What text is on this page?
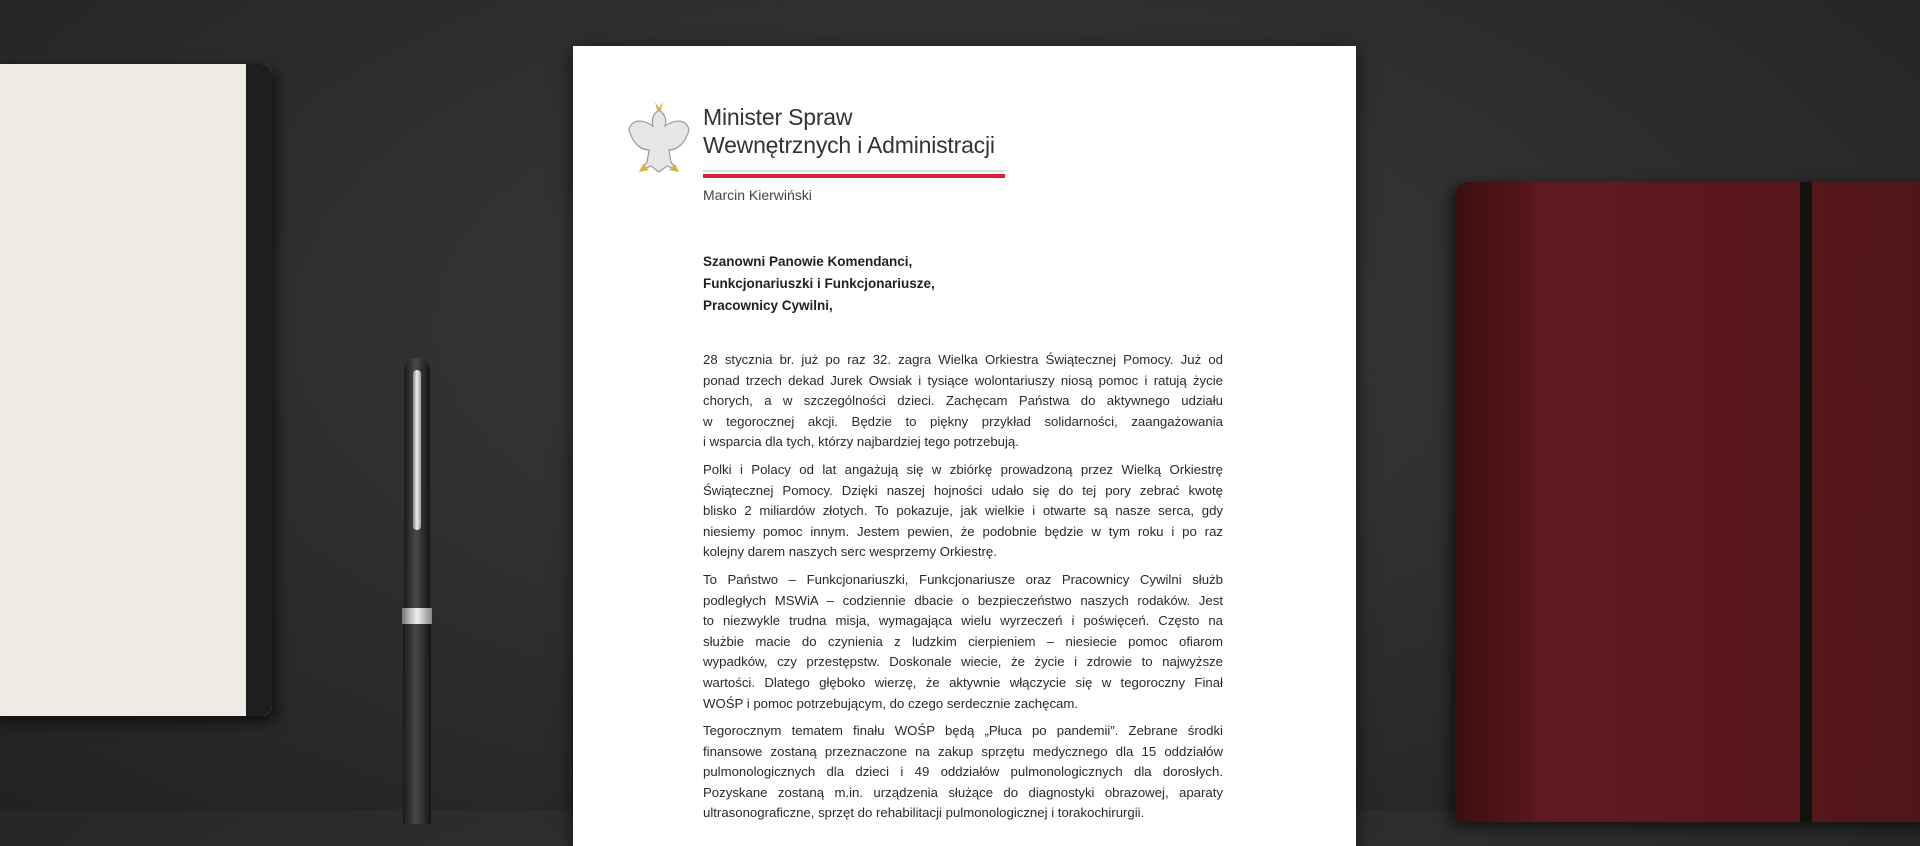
Minister Spraw
Wewnętrznych i Administracji
Marcin Kierwiński
Szanowni Panowie Komendanci,
Funkcjonariuszki i Funkcjonariusze,
Pracownicy Cywilni,

28 stycznia br. już po raz 32. zagra Wielka Orkiestra Świątecznej Pomocy. Już od
ponad trzech dekad Jurek Owsiak i tysiące wolontariuszy niosą pomoc i ratują życie
chorych, a w szczególności dzieci. Zachęcam Państwa do aktywnego udziału
w tegorocznej akcji. Będzie to piękny przykład solidarności, zaangażowania
i wsparcia dla tych, którzy najbardziej tego potrzebują.

Polki i Polacy od lat angażują się w zbiórkę prowadzoną przez Wielką Orkiestrę
Świątecznej Pomocy. Dzięki naszej hojności udało się do tej pory zebrać kwotę
blisko 2 miliardów złotych. To pokazuje, jak wielkie i otwarte są nasze serca, gdy
niesiemy pomoc innym. Jestem pewien, że podobnie będzie w tym roku i po raz
kolejny darem naszych serc wesprzemy Orkiestrę.

To Państwo – Funkcjonariuszki, Funkcjonariusze oraz Pracownicy Cywilni służb
podległych MSWiA – codziennie dbacie o bezpieczeństwo naszych rodaków. Jest
to niezwykle trudna misja, wymagająca wielu wyrzeczeń i poświęceń. Często na
służbie macie do czynienia z ludzkim cierpieniem – niesiecie pomoc ofiarom
wypadków, czy przestępstw. Doskonale wiecie, że życie i zdrowie to najwyższe
wartości. Dlatego głęboko wierzę, że aktywnie włączycie się w tegoroczny Finał
WOŚP i pomoc potrzebującym, do czego serdecznie zachęcam.

Tegorocznym tematem finału WOŚP będą „Płuca po pandemii”. Zebrane środki
finansowe zostaną przeznaczone na zakup sprzętu medycznego dla 15 oddziałów
pulmonologicznych dla dzieci i 49 oddziałów pulmonologicznych dla dorosłych.
Pozyskane zostaną m.in. urządzenia służące do diagnostyki obrazowej, aparaty
ultrasonograficzne, sprzęt do rehabilitacji pulmonologicznej i torakochirurgii.
